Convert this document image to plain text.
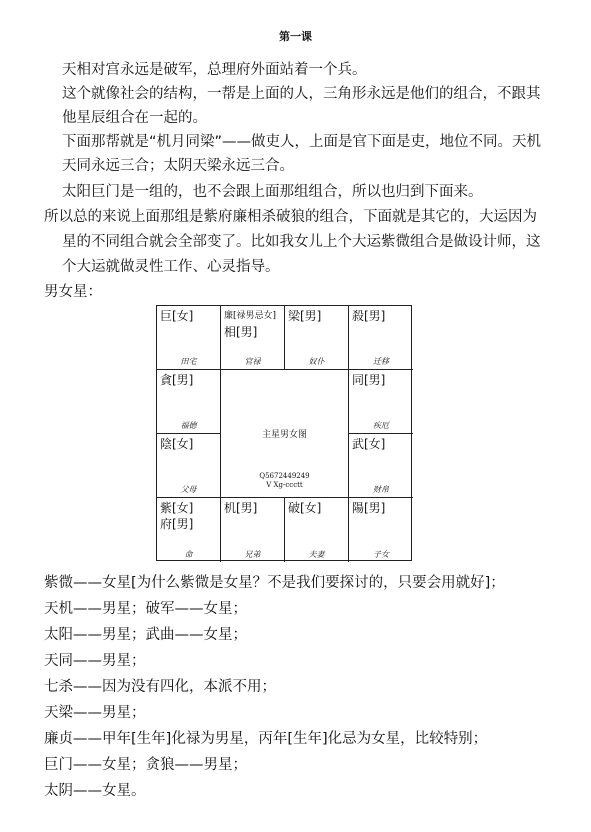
第一课
天相对宫永远是破军，总理府外面站着一个兵。
这个就像社会的结构，一帮是上面的人，三角形永远是他们的组合，不跟其
他星辰组合在一起的。
下面那帮就是“机月同梁”——做吏人，上面是官下面是吏，地位不同。天机
天同永远三合；太阴天梁永远三合。
太阳巨门是一组的，也不会跟上面那组组合，所以也归到下面来。
所以总的来说上面那组是紫府廉相杀破狼的组合，下面就是其它的，大运因为
星的不同组合就会全部变了。比如我女儿上个大运紫微组合是做设计师，这
个大运就做灵性工作、心灵指导。
男女星：
巨[女]
田宅
廉[禄男忌女]
相[男]
官禄
梁[男]
奴仆
殺[男]
迁移
貪[男]
福德
同[男]
疾厄
陰[女]
父母
武[女]
财帛
紫[女]
府[男]
命
机[男]
兄弟
破[女]
夫妻
陽[男]
子女
主星男女图
Q5672449249
V Xg-ccctt
紫微——女星[为什么紫微是女星？不是我们要探讨的，只要会用就好]；
天机——男星；破军——女星；
太阳——男星；武曲——女星；
天同——男星；
七杀——因为没有四化，本派不用；
天梁——男星；
廉贞——甲年[生年]化禄为男星，丙年[生年]化忌为女星，比较特别；
巨门——女星；贪狼——男星；
太阴——女星。
